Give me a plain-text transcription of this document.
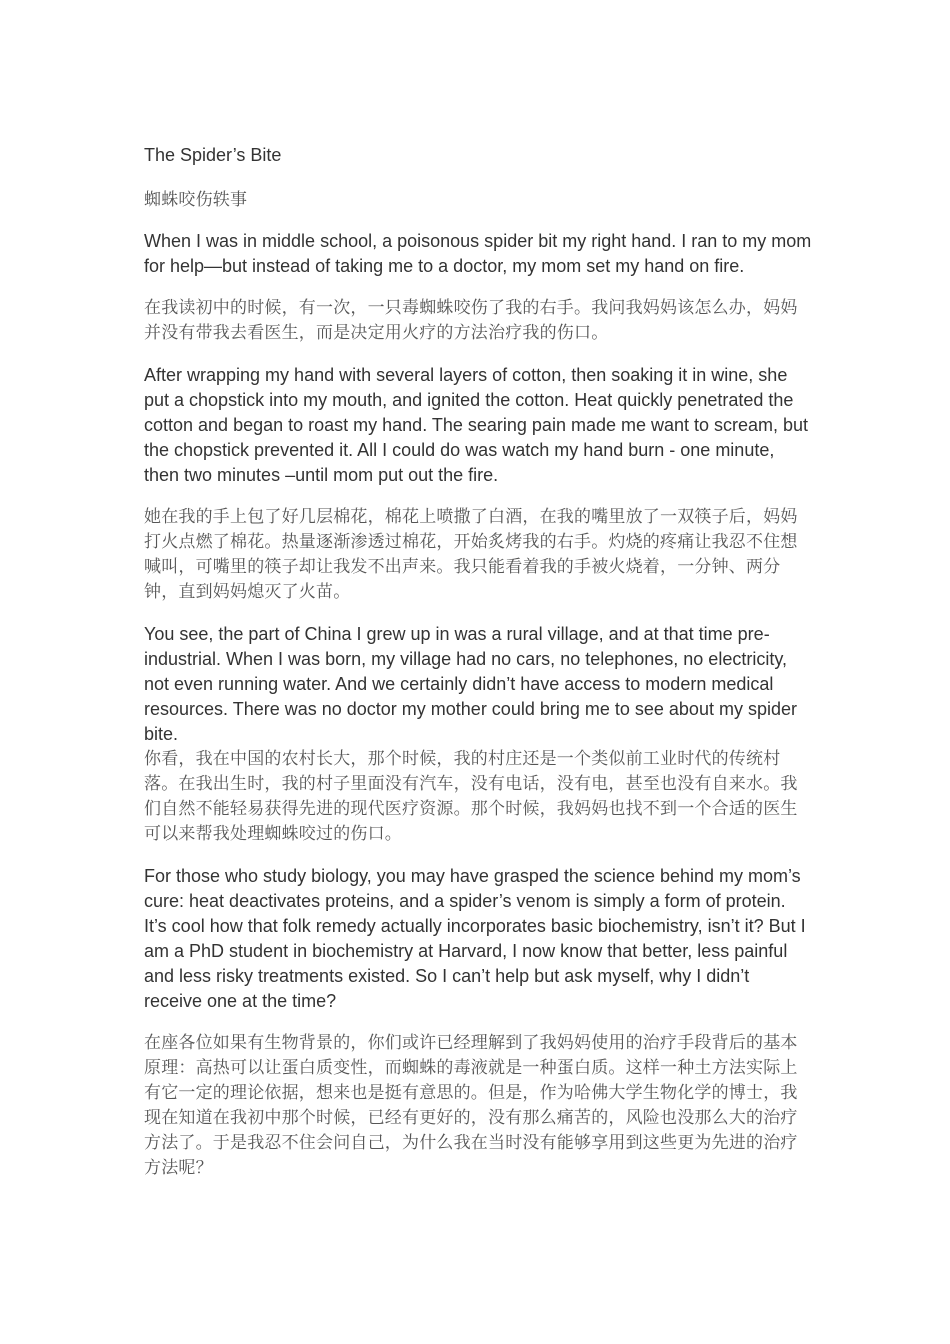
The Spider’s Bite

蜘蛛咬伤轶事

When I was in middle school, a poisonous spider bit my right hand. I ran to my mom for help—but instead of taking me to a doctor, my mom set my hand on fire.

在我读初中的时候，有一次，一只毒蜘蛛咬伤了我的右手。我问我妈妈该怎么办，妈妈并没有带我去看医生，而是决定用火疗的方法治疗我的伤口。

After wrapping my hand with several layers of cotton, then soaking it in wine, she put a chopstick into my mouth, and ignited the cotton. Heat quickly penetrated the cotton and began to roast my hand. The searing pain made me want to scream, but the chopstick prevented it. All I could do was watch my hand burn - one minute, then two minutes –until mom put out the fire.

她在我的手上包了好几层棉花，棉花上喷撒了白酒，在我的嘴里放了一双筷子后，妈妈打火点燃了棉花。热量逐渐渗透过棉花，开始炙烤我的右手。灼烧的疼痛让我忍不住想喊叫，可嘴里的筷子却让我发不出声来。我只能看着我的手被火烧着，一分钟、两分钟，直到妈妈熄灭了火苗。

You see, the part of China I grew up in was a rural village, and at that time pre-industrial. When I was born, my village had no cars, no telephones, no electricity, not even running water. And we certainly didn’t have access to modern medical resources. There was no doctor my mother could bring me to see about my spider bite.

你看，我在中国的农村长大，那个时候，我的村庄还是一个类似前工业时代的传统村落。在我出生时，我的村子里面没有汽车，没有电话，没有电，甚至也没有自来水。我们自然不能轻易获得先进的现代医疗资源。那个时候，我妈妈也找不到一个合适的医生可以来帮我处理蜘蛛咬过的伤口。

For those who study biology, you may have grasped the science behind my mom’s cure: heat deactivates proteins, and a spider’s venom is simply a form of protein. It’s cool how that folk remedy actually incorporates basic biochemistry, isn’t it? But I am a PhD student in biochemistry at Harvard, I now know that better, less painful and less risky treatments existed. So I can’t help but ask myself, why I didn’t receive one at the time?

在座各位如果有生物背景的，你们或许已经理解到了我妈妈使用的治疗手段背后的基本原理：高热可以让蛋白质变性，而蜘蛛的毒液就是一种蛋白质。这样一种土方法实际上有它一定的理论依据，想来也是挺有意思的。但是，作为哈佛大学生物化学的博士，我现在知道在我初中那个时候，已经有更好的，没有那么痛苦的，风险也没那么大的治疗方法了。于是我忍不住会问自己，为什么我在当时没有能够享用到这些更为先进的治疗方法呢？
